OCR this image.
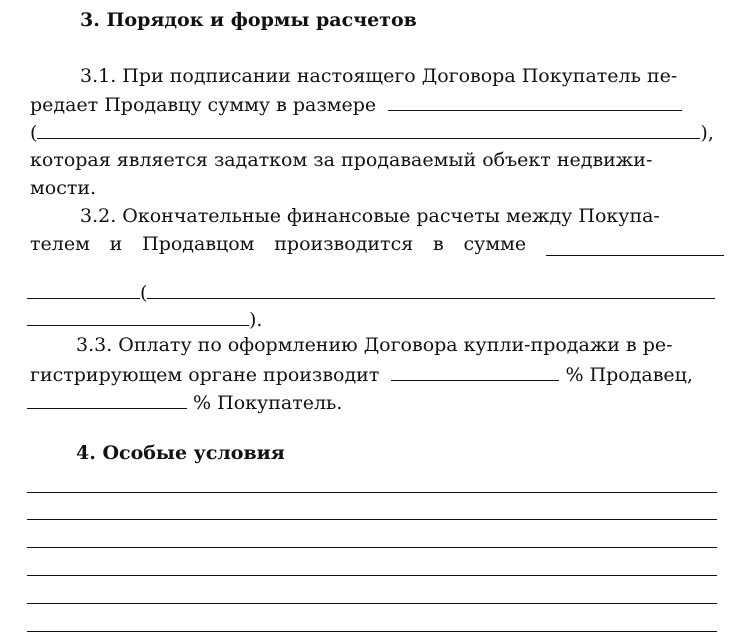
3. Порядок и формы расчетов
3.1. При подписании настоящего Договора Покупатель пе-
редает Продавцу сумму в размере
(	),
которая является задатком за продаваемый объект недвижи-
мости.
3.2. Окончательные финансовые расчеты между Покупа-
телем и Продавцом производится в сумме
(
).
3.3. Оплату по оформлению Договора купли-продажи в ре-
гистрирующем органе производит	% Продавец,
% Покупатель.
4. Особые условия
